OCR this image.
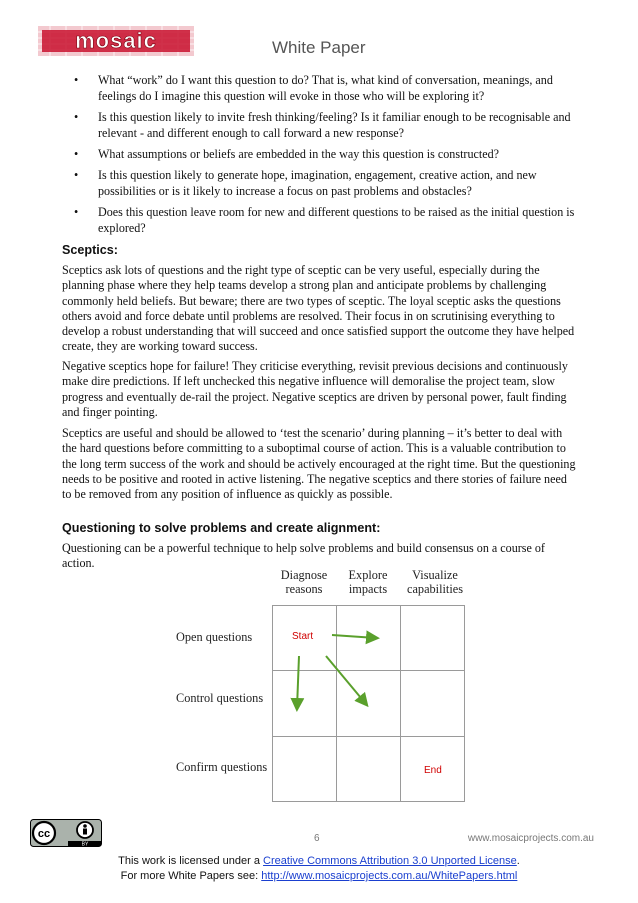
mosaic	White Paper
• What “work” do I want this question to do? That is, what kind of conversation, meanings, and feelings do I imagine this question will evoke in those who will be exploring it?
• Is this question likely to invite fresh thinking/feeling? Is it familiar enough to be recognisable and relevant - and different enough to call forward a new response?
• What assumptions or beliefs are embedded in the way this question is constructed?
• Is this question likely to generate hope, imagination, engagement, creative action, and new possibilities or is it likely to increase a focus on past problems and obstacles?
• Does this question leave room for new and different questions to be raised as the initial question is explored?
Sceptics:

Sceptics ask lots of questions and the right type of sceptic can be very useful, especially during the planning phase where they help teams develop a strong plan and anticipate problems by challenging commonly held beliefs. But beware; there are two types of sceptic. The loyal sceptic asks the questions others avoid and force debate until problems are resolved. Their focus in on scrutinising everything to develop a robust understanding that will succeed and once satisfied support the outcome they have helped create, they are working toward success.

Negative sceptics hope for failure! They criticise everything, revisit previous decisions and continuously make dire predictions. If left unchecked this negative influence will demoralise the project team, slow progress and eventually de-rail the project. Negative sceptics are driven by personal power, fault finding and finger pointing.

Sceptics are useful and should be allowed to ‘test the scenario’ during planning – it’s better to deal with the hard questions before committing to a suboptimal course of action. This is a valuable contribution to the long term success of the work and should be actively encouraged at the right time. But the questioning needs to be positive and rooted in active listening. The negative sceptics and there stories of failure need to be removed from any position of influence as quickly as possible.

Questioning to solve problems and create alignment:

Questioning can be a powerful technique to help solve problems and build consensus on a course of action.

Diagnose reasons
Explore impacts
Visualize capabilities
Open questions
Control questions
Confirm questions
Start
End
cc
BY
6	www.mosaicprojects.com.au
This work is licensed under a Creative Commons Attribution 3.0 Unported License.
For more White Papers see: http://www.mosaicprojects.com.au/WhitePapers.html
